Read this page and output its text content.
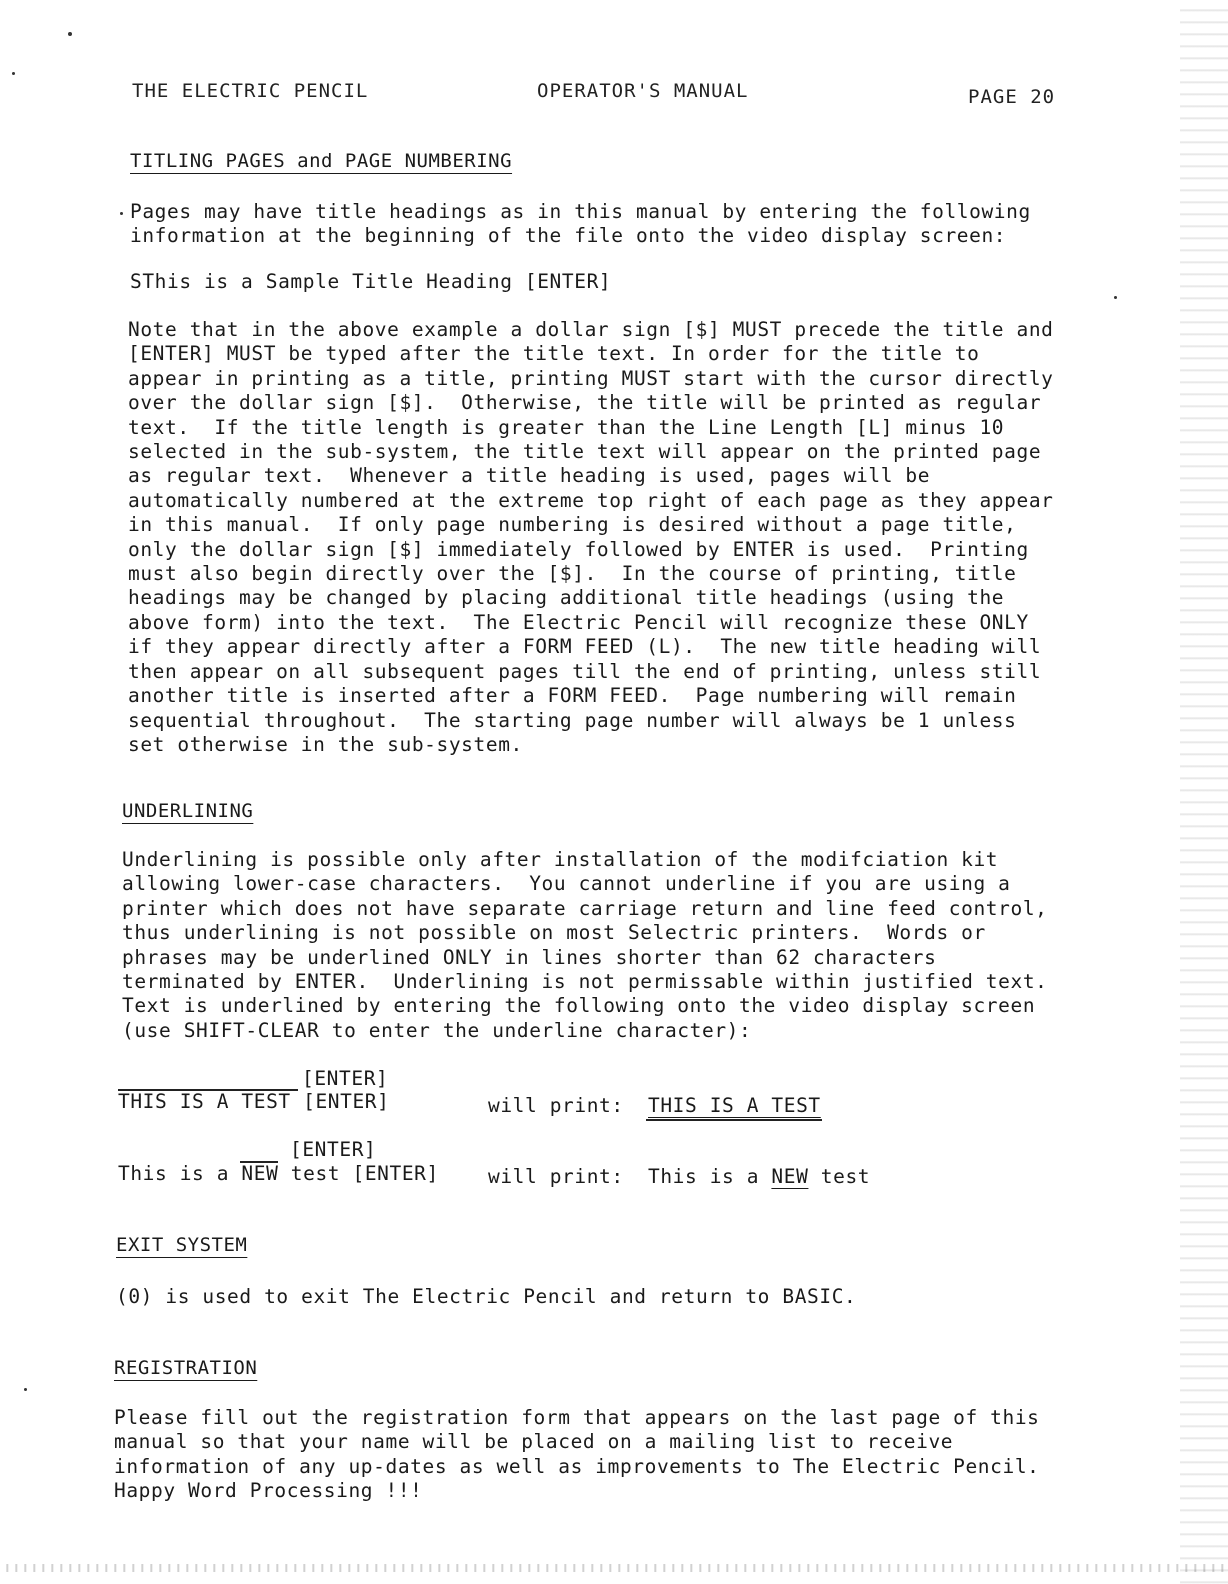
THE ELECTRIC PENCIL	OPERATOR'S MANUAL	PAGE 20
TITLING PAGES and PAGE NUMBERING
Pages may have title headings as in this manual by entering the following
information at the beginning of the file onto the video display screen:
SThis is a Sample Title Heading [ENTER]
Note that in the above example a dollar sign [$] MUST precede the title and
[ENTER] MUST be typed after the title text. In order for the title to
appear in printing as a title, printing MUST start with the cursor directly
over the dollar sign [$].  Otherwise, the title will be printed as regular
text.  If the title length is greater than the Line Length [L] minus 10
selected in the sub-system, the title text will appear on the printed page
as regular text.  Whenever a title heading is used, pages will be
automatically numbered at the extreme top right of each page as they appear
in this manual.  If only page numbering is desired without a page title,
only the dollar sign [$] immediately followed by ENTER is used.  Printing
must also begin directly over the [$].  In the course of printing, title
headings may be changed by placing additional title headings (using the
above form) into the text.  The Electric Pencil will recognize these ONLY
if they appear directly after a FORM FEED (L).  The new title heading will
then appear on all subsequent pages till the end of printing, unless still
another title is inserted after a FORM FEED.  Page numbering will remain
sequential throughout.  The starting page number will always be 1 unless
set otherwise in the sub-system.
UNDERLINING
Underlining is possible only after installation of the modifciation kit
allowing lower-case characters.  You cannot underline if you are using a
printer which does not have separate carriage return and line feed control,
thus underlining is not possible on most Selectric printers.  Words or
phrases may be underlined ONLY in lines shorter than 62 characters
terminated by ENTER.  Underlining is not permissable within justified text.
Text is underlined by entering the following onto the video display screen
(use SHIFT-CLEAR to enter the underline character):
[ENTER]
THIS IS A TEST [ENTER]	will print: THIS IS A TEST
[ENTER]
This is a NEW test [ENTER]	will print: This is a NEW test
EXIT SYSTEM
(0) is used to exit The Electric Pencil and return to BASIC.
REGISTRATION
Please fill out the registration form that appears on the last page of this
manual so that your name will be placed on a mailing list to receive
information of any up-dates as well as improvements to The Electric Pencil.
Happy Word Processing !!!
